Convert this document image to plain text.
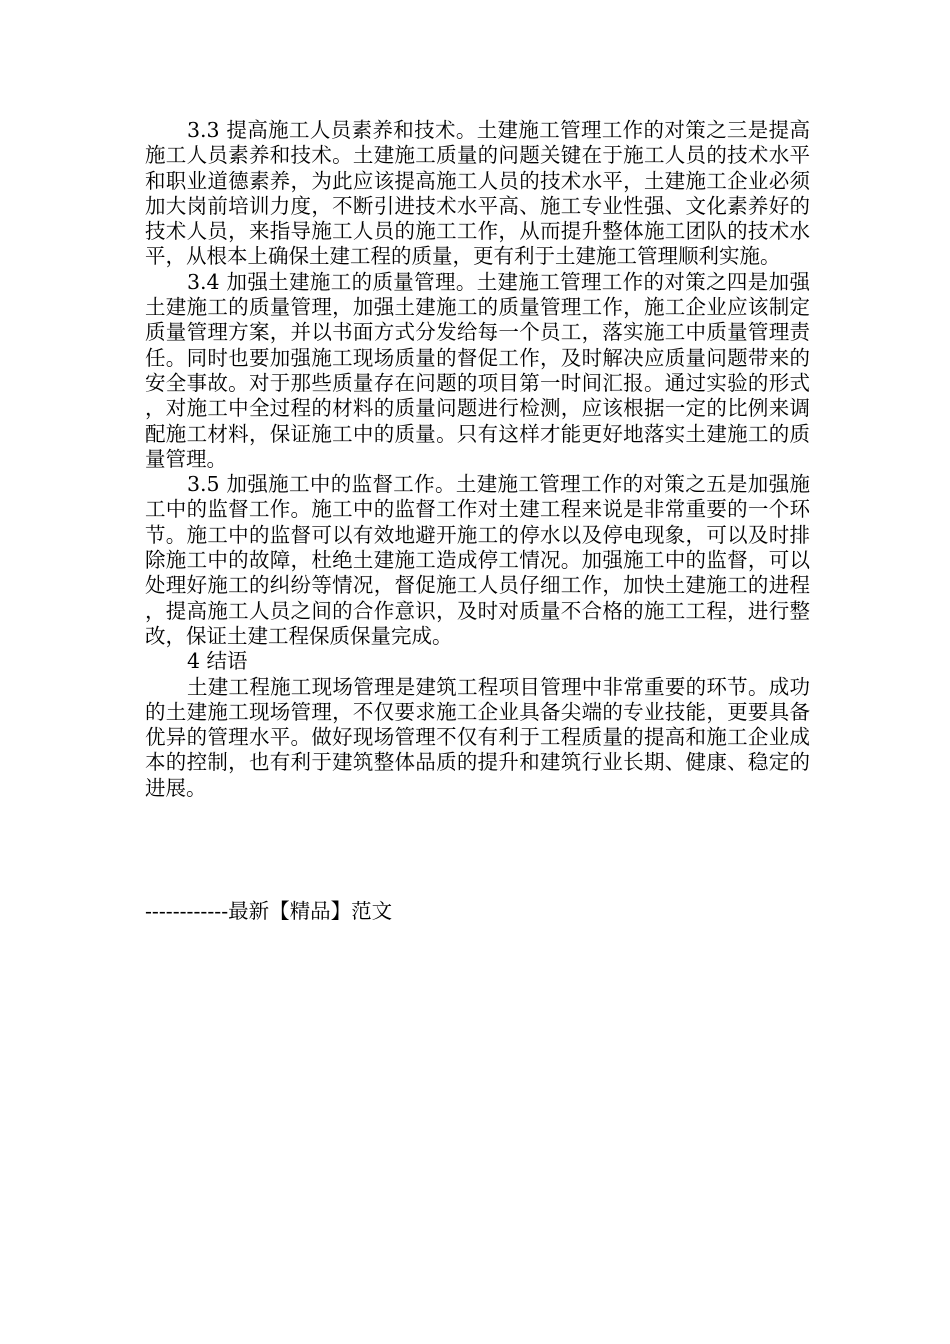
3.3 提高施工人员素养和技术。土建施工管理工作的对策之三是提高施工人员素养和技术。土建施工质量的问题关键在于施工人员的技术水平和职业道德素养，为此应该提高施工人员的技术水平，土建施工企业必须加大岗前培训力度，不断引进技术水平高、施工专业性强、文化素养好的技术人员，来指导施工人员的施工工作，从而提升整体施工团队的技术水平，从根本上确保土建工程的质量，更有利于土建施工管理顺利实施。

3.4 加强土建施工的质量管理。土建施工管理工作的对策之四是加强土建施工的质量管理，加强土建施工的质量管理工作，施工企业应该制定质量管理方案，并以书面方式分发给每一个员工，落实施工中质量管理责任。同时也要加强施工现场质量的督促工作，及时解决应质量问题带来的安全事故。对于那些质量存在问题的项目第一时间汇报。通过实验的形式，对施工中全过程的材料的质量问题进行检测，应该根据一定的比例来调配施工材料，保证施工中的质量。只有这样才能更好地落实土建施工的质量管理。

3.5 加强施工中的监督工作。土建施工管理工作的对策之五是加强施工中的监督工作。施工中的监督工作对土建工程来说是非常重要的一个环节。施工中的监督可以有效地避开施工的停水以及停电现象，可以及时排除施工中的故障，杜绝土建施工造成停工情况。加强施工中的监督，可以处理好施工的纠纷等情况，督促施工人员仔细工作，加快土建施工的进程，提高施工人员之间的合作意识，及时对质量不合格的施工工程，进行整改，保证土建工程保质保量完成。

4 结语

土建工程施工现场管理是建筑工程项目管理中非常重要的环节。成功的土建施工现场管理，不仅要求施工企业具备尖端的专业技能，更要具备优异的管理水平。做好现场管理不仅有利于工程质量的提高和施工企业成本的控制，也有利于建筑整体品质的提升和建筑行业长期、健康、稳定的进展。

------------最新【精品】范文
